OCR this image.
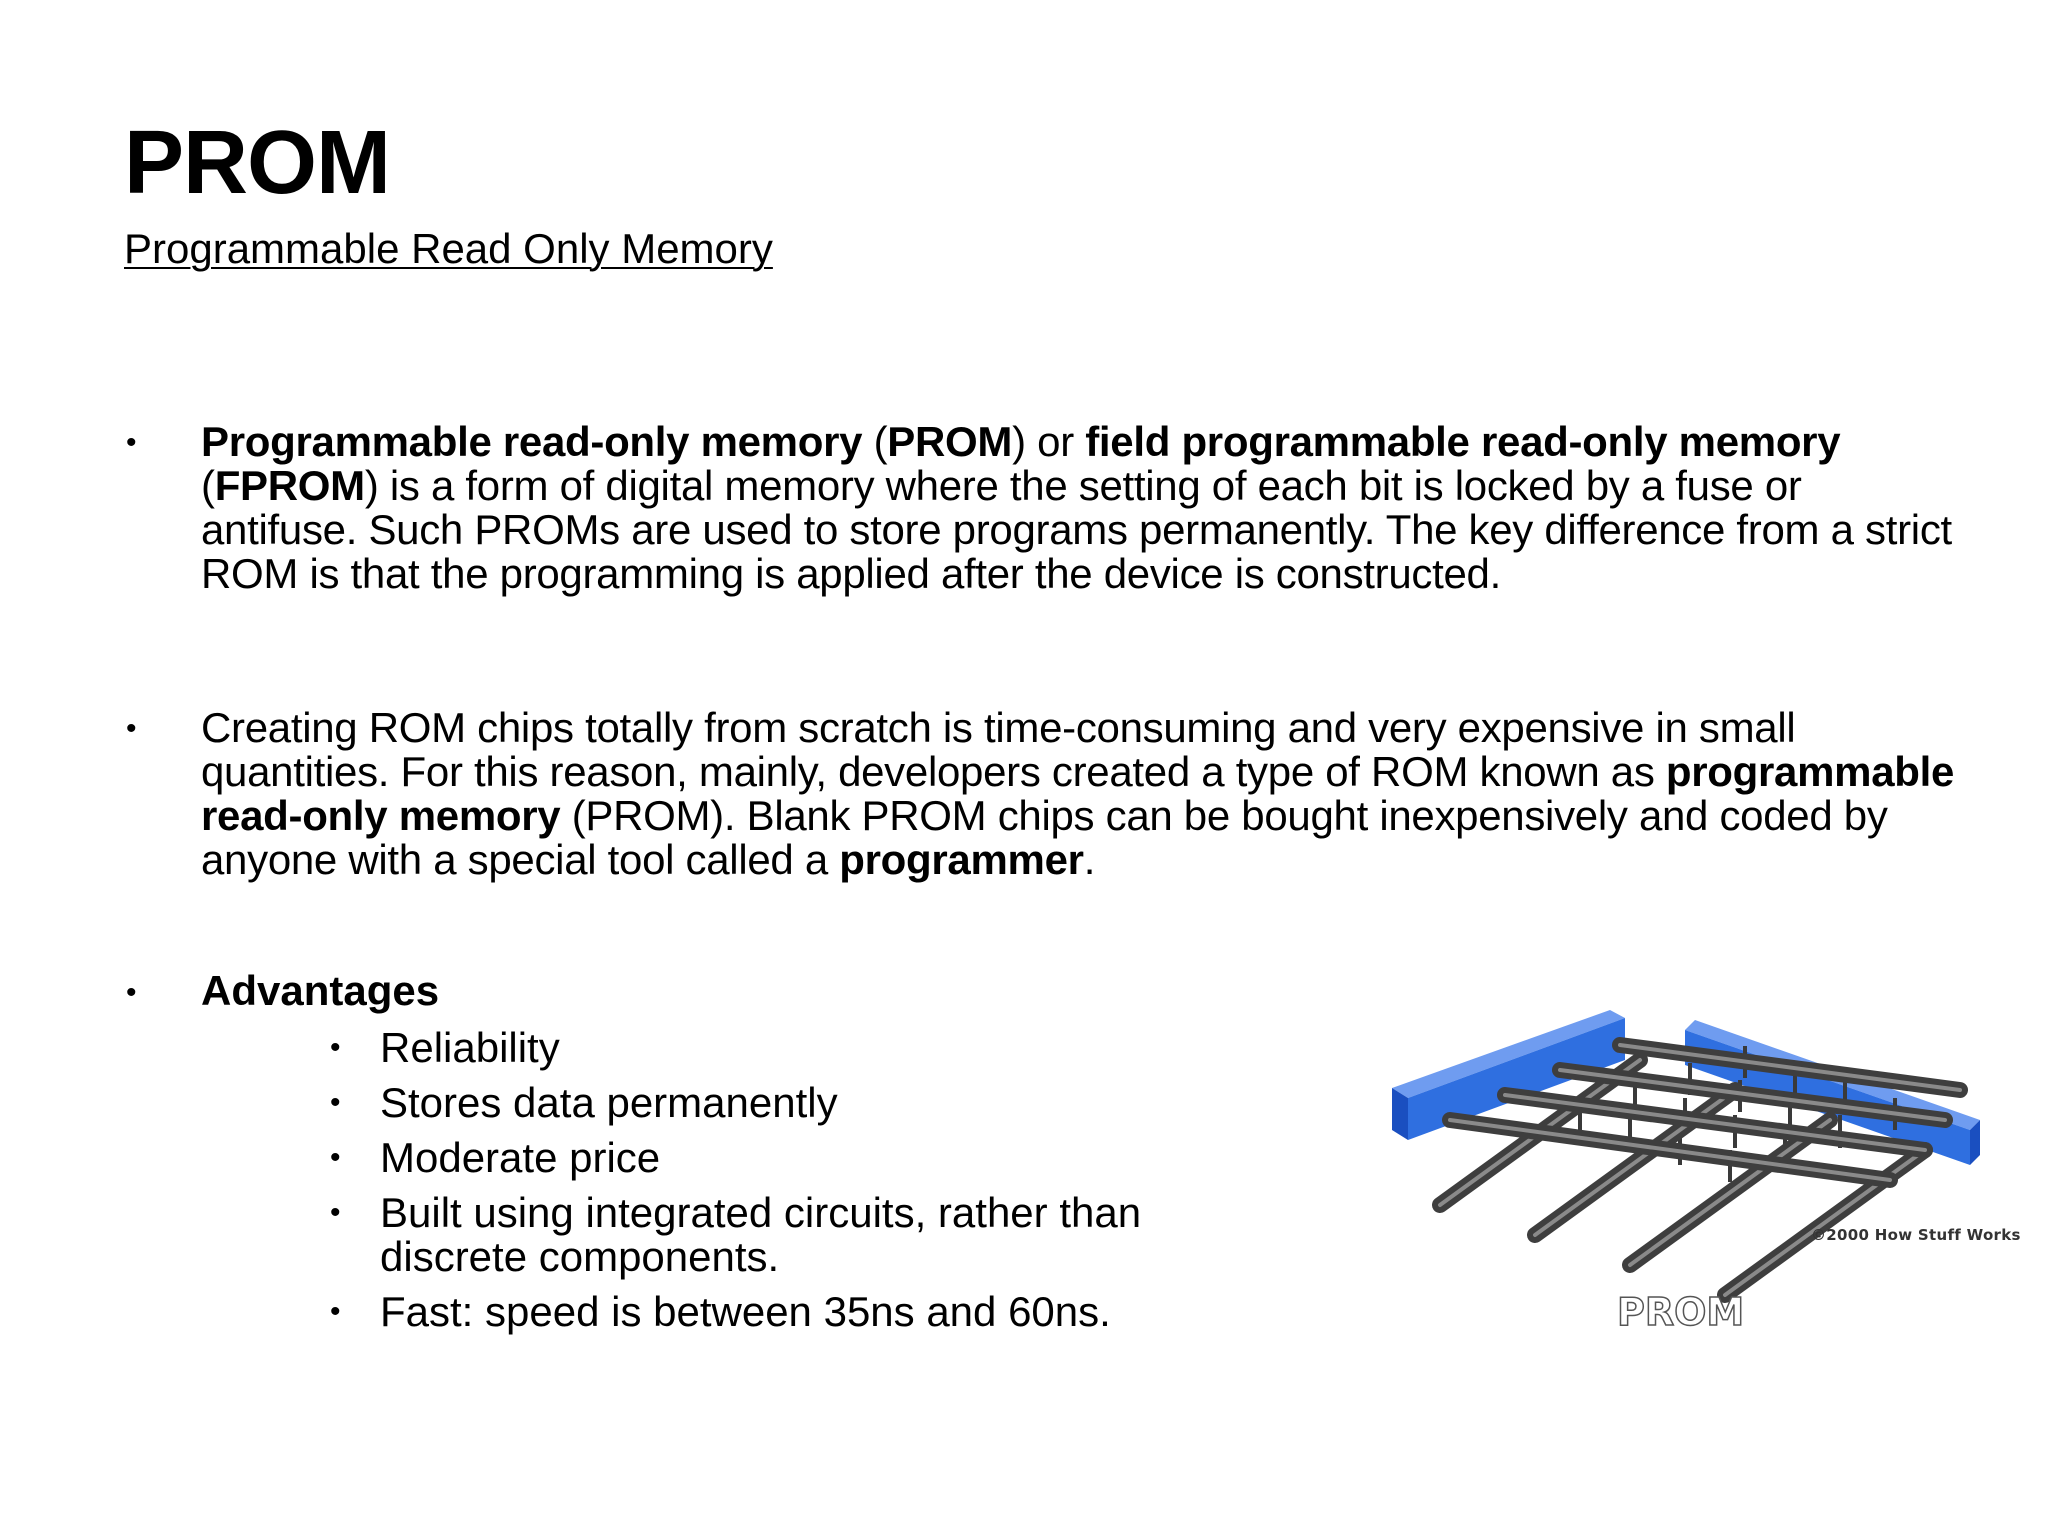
PROM

Programmable Read Only Memory

• Programmable read-only memory (PROM) or field programmable read-only memory (FPROM) is a form of digital memory where the setting of each bit is locked by a fuse or antifuse. Such PROMs are used to store programs permanently. The key difference from a strict ROM is that the programming is applied after the device is constructed.

• Creating ROM chips totally from scratch is time-consuming and very expensive in small quantities. For this reason, mainly, developers created a type of ROM known as programmable read-only memory (PROM). Blank PROM chips can be bought inexpensively and coded by anyone with a special tool called a programmer.

• Advantages

• Reliability
• Stores data permanently
• Moderate price
• Built using integrated circuits, rather than discrete components.
• Fast: speed is between 35ns and 60ns.
©2000 How Stuff Works
PROM
